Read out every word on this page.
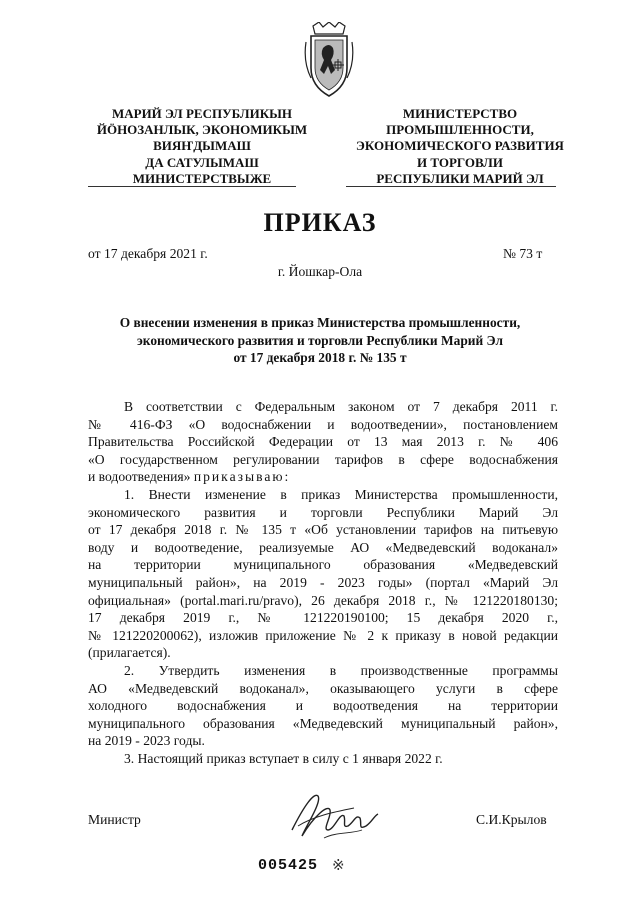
МАРИЙ ЭЛ РЕСПУБЛИКЫН
ЙÖНОЗАНЛЫК, ЭКОНОМИКЫМ
ВИЯҤДЫМАШ
ДА САТУЛЫМАШ
МИНИСТЕРСТВЫЖЕ
МИНИСТЕРСТВО
ПРОМЫШЛЕННОСТИ,
ЭКОНОМИЧЕСКОГО РАЗВИТИЯ
И ТОРГОВЛИ
РЕСПУБЛИКИ МАРИЙ ЭЛ
ПРИКАЗ
от 17 декабря 2021 г.	№ 73 т
г. Йошкар-Ола
О внесении изменения в приказ Министерства промышленности,
экономического развития и торговли Республики Марий Эл
от 17 декабря 2018 г. № 135 т

В соответствии с Федеральным законом от 7 декабря 2011 г.

№ 416-ФЗ «О водоснабжении и водоотведении», постановлением

Правительства Российской Федерации от 13 мая 2013 г. № 406

«О государственном регулировании тарифов в сфере водоснабжения

и водоотведения» приказываю:

1. Внести изменение в приказ Министерства промышленности,

экономического развития и торговли Республики Марий Эл

от 17 декабря 2018 г. № 135 т «Об установлении тарифов на питьевую

воду и водоотведение, реализуемые АО «Медведевский водоканал»

на территории муниципального образования «Медведевский

муниципальный район», на 2019 - 2023 годы» (портал «Марий Эл

официальная» (portal.mari.ru/pravo), 26 декабря 2018 г., № 121220180130;

17 декабря 2019 г., № 121220190100; 15 декабря 2020 г.,

№ 121220200062), изложив приложение № 2 к приказу в новой редакции

(прилагается).

2. Утвердить изменения в производственные программы

АО «Медведевский водоканал», оказывающего услуги в сфере

холодного водоснабжения и водоотведения на территории

муниципального образования «Медведевский муниципальный район»,

на 2019 - 2023 годы.

3. Настоящий приказ вступает в силу с 1 января 2022 г.

Министр	С.И.Крылов
005425 ※
